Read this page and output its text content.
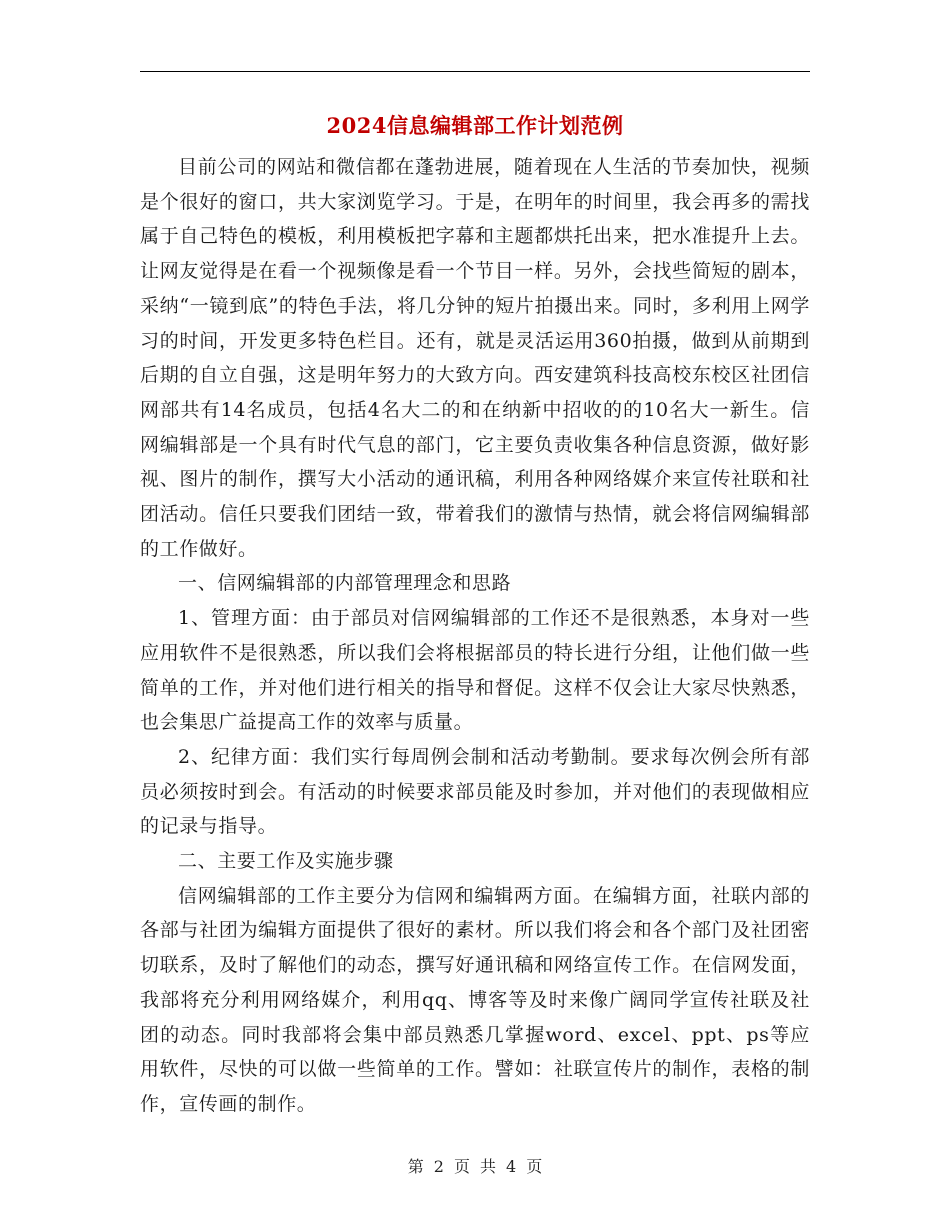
2024信息编辑部工作计划范例

目前公司的网站和微信都在蓬勃进展，随着现在人生活的节奏加快，视频是个很好的窗口，共大家浏览学习。于是，在明年的时间里，我会再多的需找属于自己特色的模板，利用模板把字幕和主题都烘托出来，把水准提升上去。让网友觉得是在看一个视频像是看一个节目一样。另外，会找些简短的剧本，采纳“一镜到底”的特色手法，将几分钟的短片拍摄出来。同时，多利用上网学习的时间，开发更多特色栏目。还有，就是灵活运用360拍摄，做到从前期到后期的自立自强，这是明年努力的大致方向。西安建筑科技高校东校区社团信网部共有14名成员，包括4名大二的和在纳新中招收的的10名大一新生。信网编辑部是一个具有时代气息的部门，它主要负责收集各种信息资源，做好影视、图片的制作，撰写大小活动的通讯稿，利用各种网络媒介来宣传社联和社团活动。信任只要我们团结一致，带着我们的激情与热情，就会将信网编辑部的工作做好。

一、信网编辑部的内部管理理念和思路

1、管理方面：由于部员对信网编辑部的工作还不是很熟悉，本身对一些应用软件不是很熟悉，所以我们会将根据部员的特长进行分组，让他们做一些简单的工作，并对他们进行相关的指导和督促。这样不仅会让大家尽快熟悉，也会集思广益提高工作的效率与质量。

2、纪律方面：我们实行每周例会制和活动考勤制。要求每次例会所有部员必须按时到会。有活动的时候要求部员能及时参加，并对他们的表现做相应的记录与指导。

二、主要工作及实施步骤

信网编辑部的工作主要分为信网和编辑两方面。在编辑方面，社联内部的各部与社团为编辑方面提供了很好的素材。所以我们将会和各个部门及社团密切联系，及时了解他们的动态，撰写好通讯稿和网络宣传工作。在信网发面，我部将充分利用网络媒介，利用qq、博客等及时来像广阔同学宣传社联及社团的动态。同时我部将会集中部员熟悉几掌握word、excel、ppt、ps等应用软件，尽快的可以做一些简单的工作。譬如：社联宣传片的制作，表格的制作，宣传画的制作。

第 2 页 共 4 页
